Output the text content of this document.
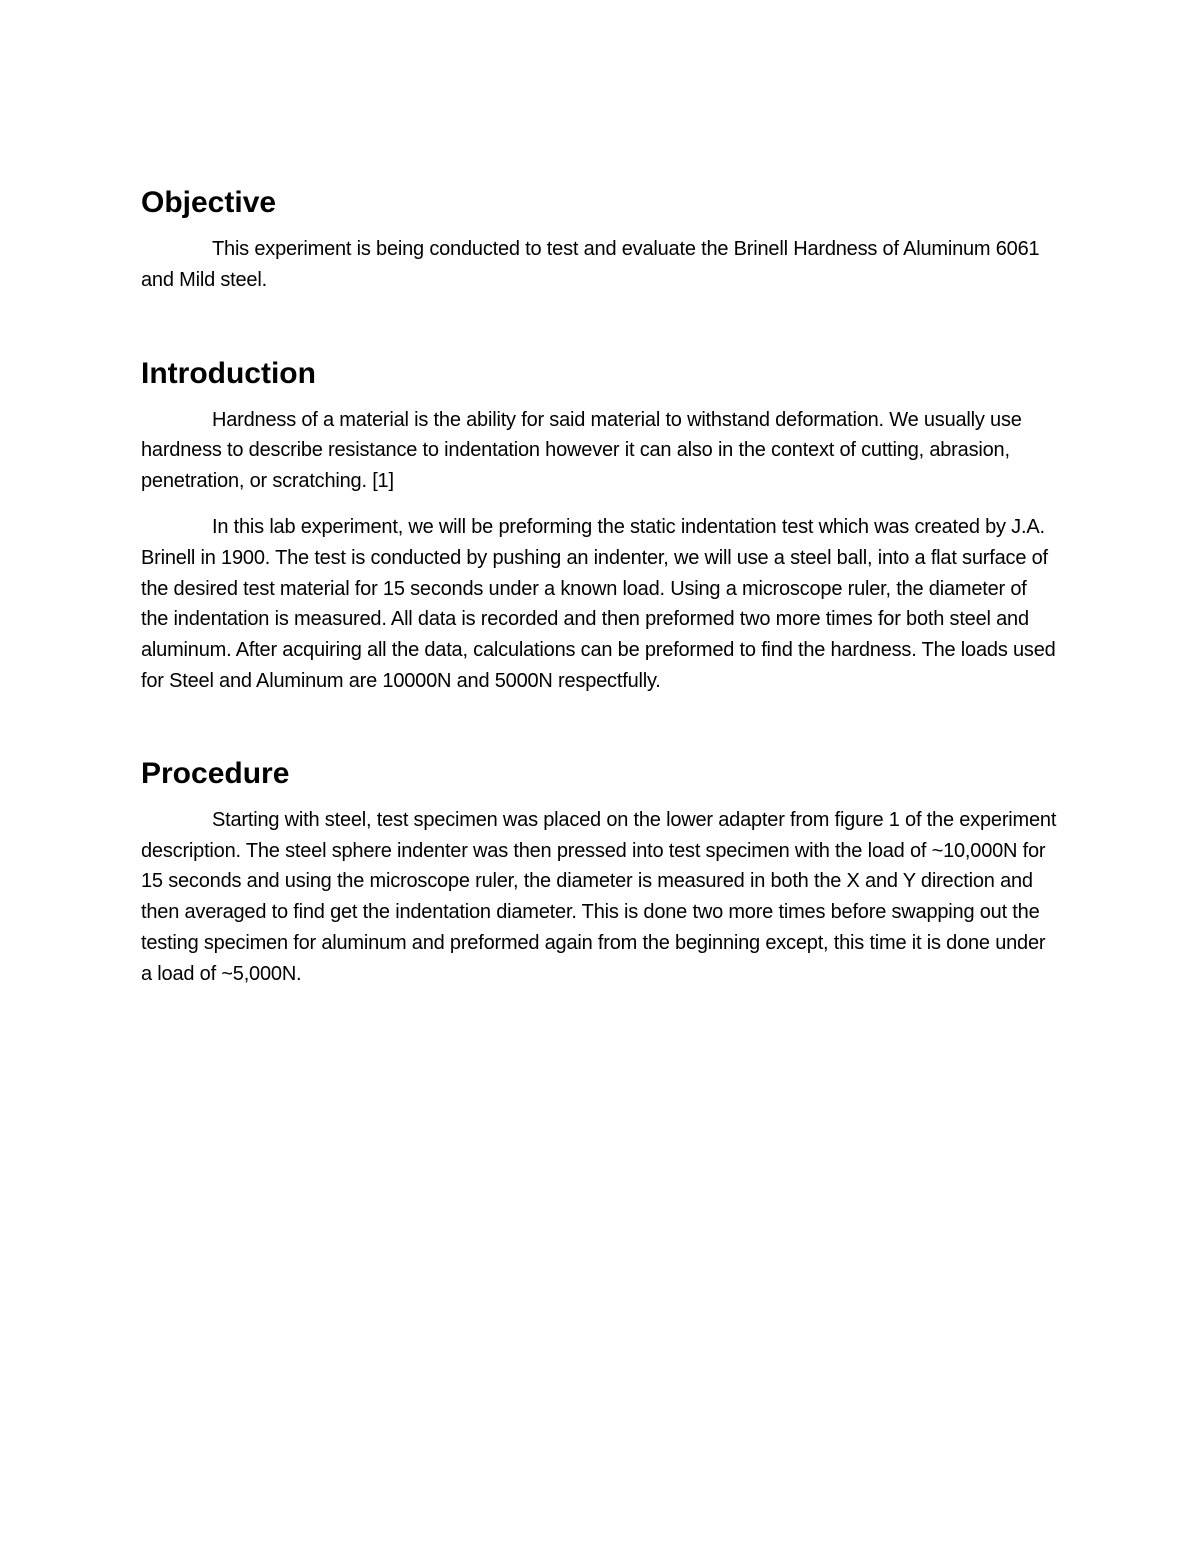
Objective

This experiment is being conducted to test and evaluate the Brinell Hardness of Aluminum 6061 and Mild steel.

Introduction

Hardness of a material is the ability for said material to withstand deformation. We usually use hardness to describe resistance to indentation however it can also in the context of cutting, abrasion, penetration, or scratching. [1]

In this lab experiment, we will be preforming the static indentation test which was created by J.A. Brinell in 1900. The test is conducted by pushing an indenter, we will use a steel ball, into a flat surface of the desired test material for 15 seconds under a known load. Using a microscope ruler, the diameter of the indentation is measured. All data is recorded and then preformed two more times for both steel and aluminum. After acquiring all the data, calculations can be preformed to find the hardness. The loads used for Steel and Aluminum are 10000N and 5000N respectfully.

Procedure

Starting with steel, test specimen was placed on the lower adapter from figure 1 of the experiment description. The steel sphere indenter was then pressed into test specimen with the load of ~10,000N for 15 seconds and using the microscope ruler, the diameter is measured in both the X and Y direction and then averaged to find get the indentation diameter. This is done two more times before swapping out the testing specimen for aluminum and preformed again from the beginning except, this time it is done under a load of ~5,000N.
